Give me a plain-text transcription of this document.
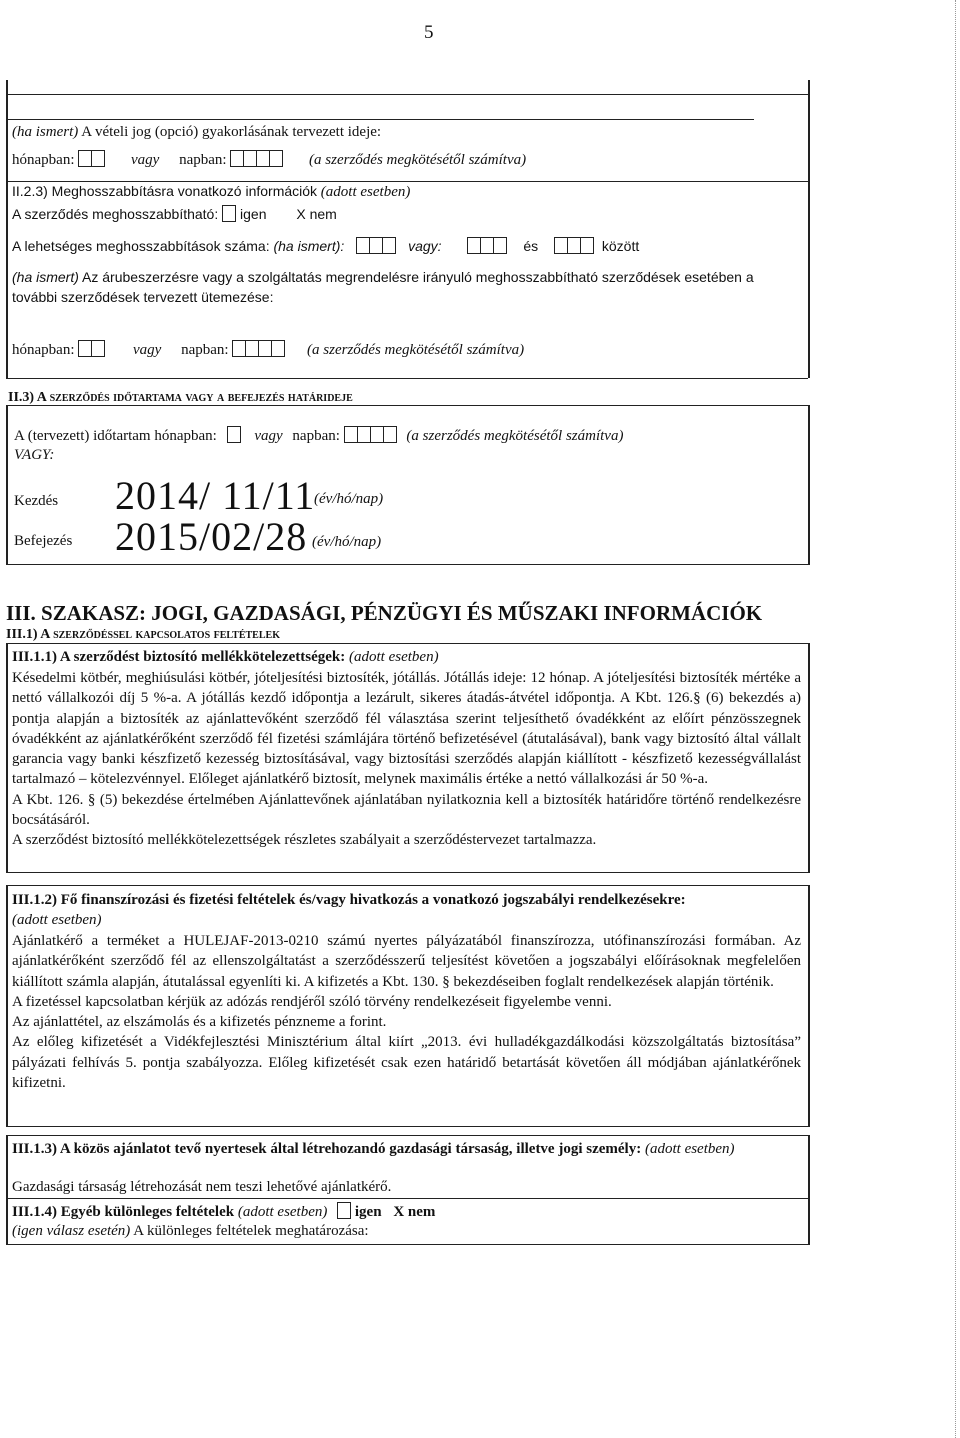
5
(ha ismert) A vételi jog (opció) gyakorlásának tervezett ideje:
hónapban:	vagy napban:	(a szerződés megkötésétől számítva)
II.2.3) Meghosszabbításra vonatkozó információk (adott esetben)
A szerződés meghosszabbítható: igen X nem
A lehetséges meghosszabbítások száma: (ha ismert):	vagy:	és	között
(ha ismert) Az árubeszerzésre vagy a szolgáltatás megrendelésre irányuló meghosszabbítható szerződések esetében a további szerződések tervezett ütemezése:
hónapban:	vagy napban:	(a szerződés megkötésétől számítva)
II.3) A szerződés időtartama vagy a befejezés határideje
A (tervezett) időtartam hónapban:	vagy napban:	(a szerződés megkötésétől számítva)
VAGY:
Kezdés 2014/ 11/11
(év/hó/nap)
Befejezés 2015/02/28 (év/hó/nap)
III. SZAKASZ: JOGI, GAZDASÁGI, PÉNZÜGYI ÉS MŰSZAKI INFORMÁCIÓK
III.1) A szerződéssel kapcsolatos feltételek
III.1.1) A szerződést biztosító mellékkötelezettségek: (adott esetben)

Késedelmi kötbér, meghiúsulási kötbér, jóteljesítési biztosíték, jótállás. Jótállás ideje: 12 hónap. A jóteljesítési biztosíték mértéke a nettó vállalkozói díj 5 %-a. A jótállás kezdő időpontja a lezárult, sikeres átadás-átvétel időpontja. A Kbt. 126.§ (6) bekezdés a) pontja alapján a biztosíték az ajánlattevőként szerződő fél választása szerint teljesíthető óvadékként az előírt pénzösszegnek óvadékként az ajánlatkérőként szerződő fél fizetési számlájára történő befizetésével (átutalásával), bank vagy biztosító által vállalt garancia vagy banki készfizető kezesség biztosításával, vagy biztosítási szerződés alapján kiállított - készfizető kezességvállalást tartalmazó – kötelezvénnyel. Előleget ajánlatkérő biztosít, melynek maximális értéke a nettó vállalkozási ár 50 %-a.

A Kbt. 126. § (5) bekezdése értelmében Ajánlattevőnek ajánlatában nyilatkoznia kell a biztosíték határidőre történő rendelkezésre bocsátásáról.

A szerződést biztosító mellékkötelezettségek részletes szabályait a szerződéstervezet tartalmazza.

III.1.2) Fő finanszírozási és fizetési feltételek és/vagy hivatkozás a vonatkozó jogszabályi rendelkezésekre:
(adott esetben)

Ajánlatkérő a terméket a HULEJAF-2013-0210 számú nyertes pályázatából finanszírozza, utófinanszírozási formában. Az ajánlatkérőként szerződő fél az ellenszolgáltatást a szerződésszerű teljesítést követően a jogszabályi előírásoknak megfelelően kiállított számla alapján, átutalással egyenlíti ki. A kifizetés a Kbt. 130. § bekezdéseiben foglalt rendelkezések alapján történik.

A fizetéssel kapcsolatban kérjük az adózás rendjéről szóló törvény rendelkezéseit figyelembe venni.

Az ajánlattétel, az elszámolás és a kifizetés pénzneme a forint.

Az előleg kifizetését a Vidékfejlesztési Minisztérium által kiírt „2013. évi hulladékgazdálkodási közszolgáltatás biztosítása” pályázati felhívás 5. pontja szabályozza. Előleg kifizetését csak ezen határidő betartását követően áll módjában ajánlatkérőnek kifizetni.

III.1.3) A közös ajánlatot tevő nyertesek által létrehozandó gazdasági társaság, illetve jogi személy: (adott esetben)
Gazdasági társaság létrehozását nem teszi lehetővé ajánlatkérő.
III.1.4) Egyéb különleges feltételek (adott esetben) igen X nem
(igen válasz esetén) A különleges feltételek meghatározása:
